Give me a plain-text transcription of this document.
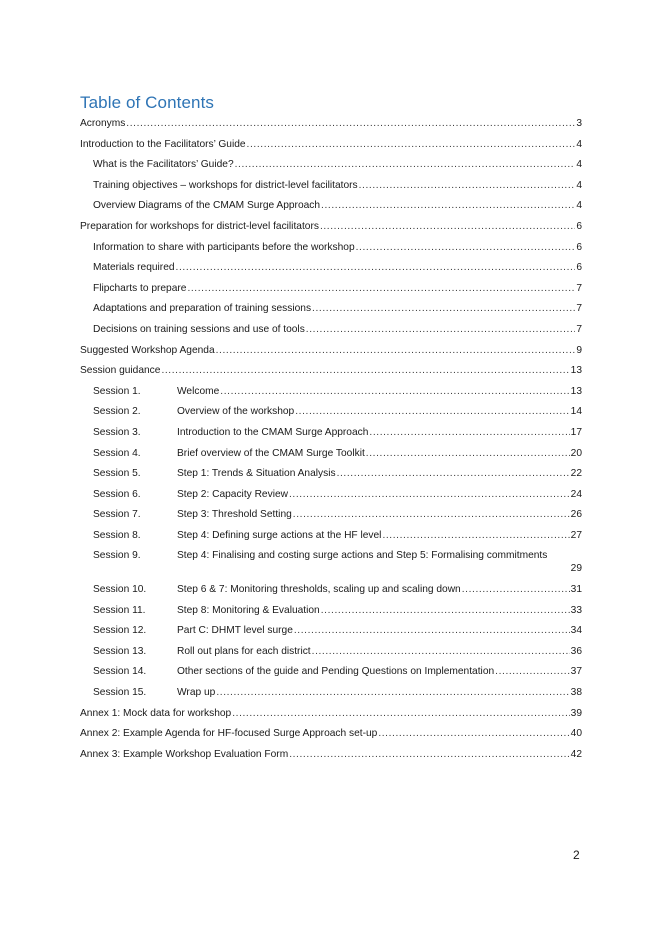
Table of Contents
Acronyms .....	3
Introduction to the Facilitators’ Guide .....	4
What is the Facilitators’ Guide? .....	4
Training objectives – workshops for district-level facilitators .....	4
Overview Diagrams of the CMAM Surge Approach .....	4
Preparation for workshops for district-level facilitators .....	6
Information to share with participants before the workshop .....	6
Materials required .....	6
Flipcharts to prepare .....	7
Adaptations and preparation of training sessions .....	7
Decisions on training sessions and use of tools .....	7
Suggested Workshop Agenda .....	9
Session guidance .....	13
Session 1.	Welcome .....	13
Session 2.	Overview of the workshop .....	14
Session 3.	Introduction to the CMAM Surge Approach .....	17
Session 4.	Brief overview of the CMAM Surge Toolkit .....	20
Session 5.	Step 1: Trends & Situation Analysis .....	22
Session 6.	Step 2: Capacity Review .....	24
Session 7.	Step 3: Threshold Setting .....	26
Session 8.	Step 4: Defining surge actions at the HF level .....	27
Session 9.	Step 4: Finalising and costing surge actions and Step 5: Formalising commitments
29
Session 10.	Step 6 & 7: Monitoring thresholds, scaling up and scaling down .....	31
Session 11.	Step 8: Monitoring & Evaluation .....	33
Session 12.	Part C: DHMT level surge .....	34
Session 13.	Roll out plans for each district .....	36
Session 14.	Other sections of the guide and Pending Questions on Implementation .....	37
Session 15.	Wrap up .....	38
Annex 1: Mock data for workshop .....	39
Annex 2: Example Agenda for HF-focused Surge Approach set-up .....	40
Annex 3: Example Workshop Evaluation Form .....	42
2
